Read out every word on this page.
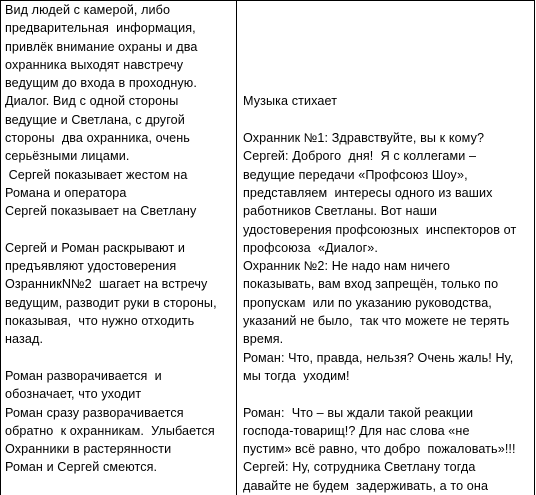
Вид людей с камерой, либо
предварительная  информация,
привлёк внимание охраны и два
охранника выходят навстречу
ведущим до входа в проходную.
Диалог. Вид с одной стороны
ведущие и Светлана, с другой
стороны  два охранника, очень
серьёзными лицами.
Сергей показывает жестом на
Романа и оператора
Сергей показывает на Светлану
Сергей и Роман раскрывают и
предъявляют удостоверения
ОзранникN№2  шагает на встречу
ведущим, разводит руки в стороны,
показывая,  что нужно отходить
назад.
Роман разворачивается  и
обозначает, что уходит
Роман сразу разворачивается
обратно  к охранникам.  Улыбается
Охранники в растерянности
Роман и Сергей смеются.
Музыка стихает
Охранник №1: Здравствуйте, вы к кому?
Сергей: Доброго  дня!  Я с коллегами –
ведущие передачи «Профсоюз Шоу»,
представляем  интересы одного из ваших
работников Светланы. Вот наши
удостоверения профсоюзных  инспекторов от
профсоюза  «Диалог».
Охранник №2: Не надо нам ничего
показывать, вам вход запрещён, только по
пропускам  или по указанию руководства,
указаний не было,  так что можете не терять
время.
Роман: Что, правда, нельзя? Очень жаль! Ну,
мы тогда  уходим!
Роман:  Что – вы ждали такой реакции
господа-товарищ!? Для нас слова «не
пустим» всё равно, что добро  пожаловать»!!!
Сергей: Ну, сотрудника Светлану тогда
давайте не будем  задерживать, а то она
